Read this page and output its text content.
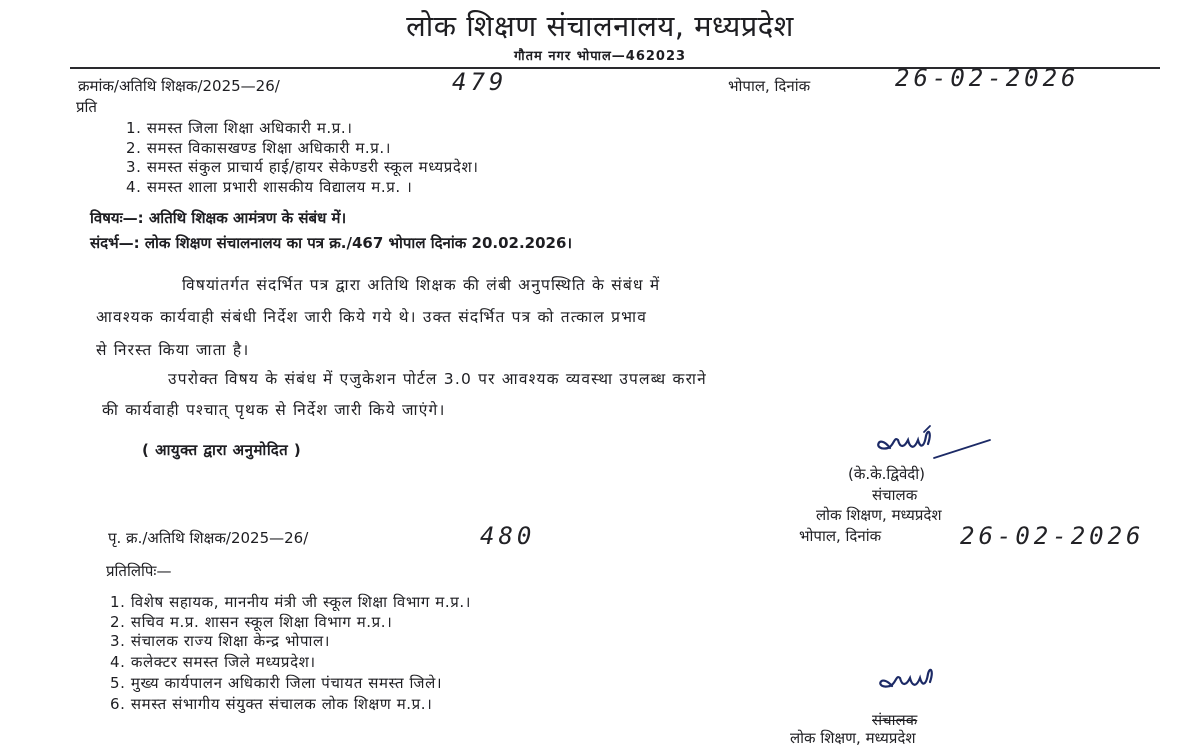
लोक शिक्षण संचालनालय, मध्यप्रदेश
गौतम नगर भोपाल—462023
क्रमांक/अतिथि शिक्षक/2025—26/	479	भोपाल, दिनांक	26-02-2026
प्रति
1. समस्त जिला शिक्षा अधिकारी म.प्र.।
2. समस्त विकासखण्ड शिक्षा अधिकारी म.प्र.।
3. समस्त संकुल प्राचार्य हाई/हायर सेकेण्डरी स्कूल मध्यप्रदेश।
4. समस्त शाला प्रभारी शासकीय विद्यालय म.प्र. ।
विषयः—: अतिथि शिक्षक आमंत्रण के संबंध में।
संदर्भ—: लोक शिक्षण संचालनालय का पत्र क्र./467 भोपाल दिनांक 20.02.2026।
विषयांतर्गत संदर्भित पत्र द्वारा अतिथि शिक्षक की लंबी अनुपस्थिति के संबंध में
आवश्यक कार्यवाही संबंधी निर्देश जारी किये गये थे। उक्त संदर्भित पत्र को तत्काल प्रभाव
से निरस्त किया जाता है।
उपरोक्त विषय के संबंध में एजुकेशन पोर्टल 3.0 पर आवश्यक व्यवस्था उपलब्ध कराने
की कार्यवाही पश्चात् पृथक से निर्देश जारी किये जाएंगे।
( आयुक्त द्वारा अनुमोदित )
(के.के.द्विवेदी)
संचालक
लोक शिक्षण, मध्यप्रदेश
पृ. क्र./अतिथि शिक्षक/2025—26/	480	भोपाल, दिनांक	26-02-2026
प्रतिलिपिः—
1. विशेष सहायक, माननीय मंत्री जी स्कूल शिक्षा विभाग म.प्र.।
2. सचिव म.प्र. शासन स्कूल शिक्षा विभाग म.प्र.।
3. संचालक राज्य शिक्षा केन्द्र भोपाल।
4. कलेक्टर समस्त जिले मध्यप्रदेश।
5. मुख्य कार्यपालन अधिकारी जिला पंचायत समस्त जिले।
6. समस्त संभागीय संयुक्त संचालक लोक शिक्षण म.प्र.।
संचालक
लोक शिक्षण, मध्यप्रदेश
